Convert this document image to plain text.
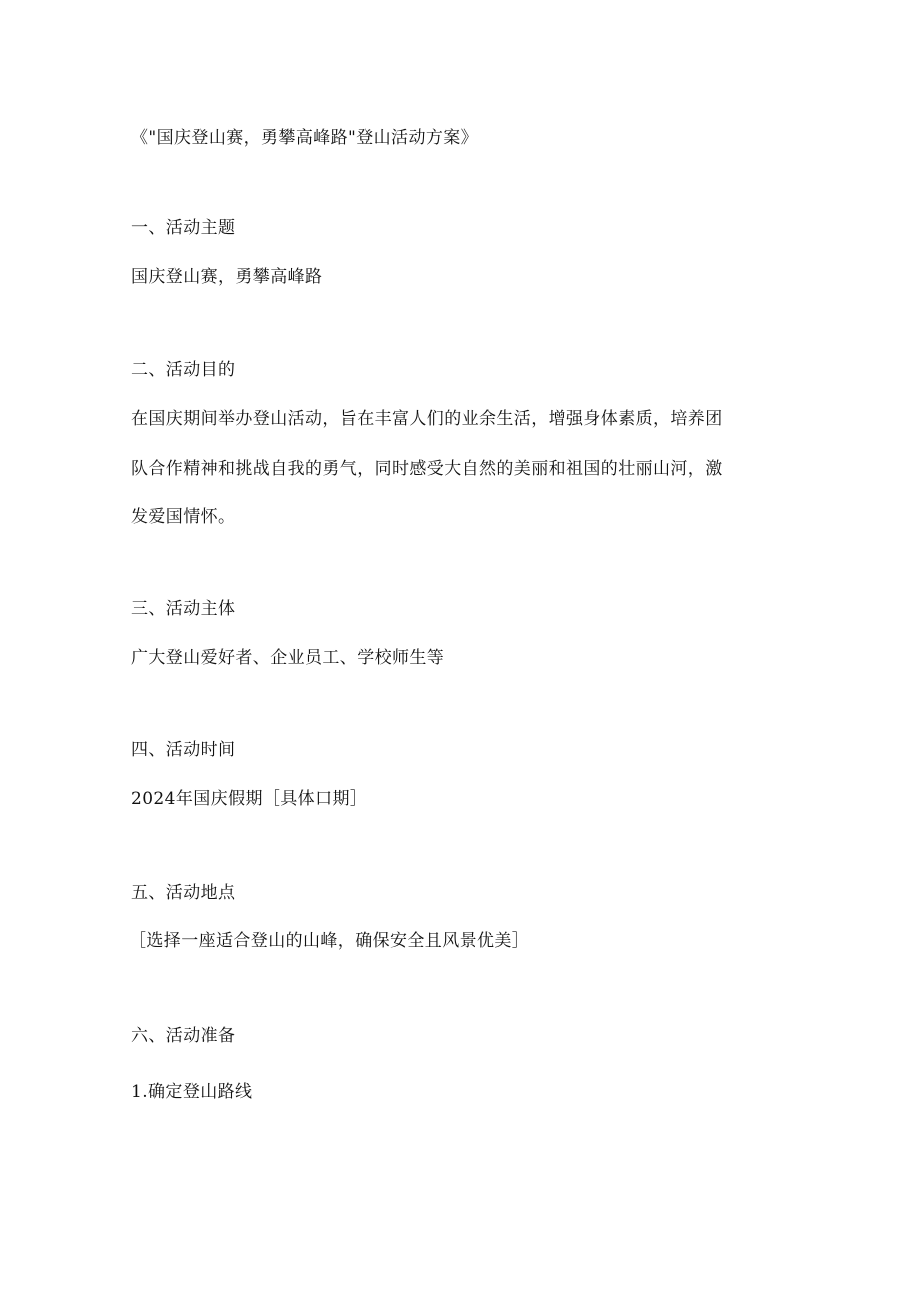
《"国庆登山赛，勇攀高峰路"登山活动方案》
一、活动主题
国庆登山赛，勇攀高峰路
二、活动目的
在国庆期间举办登山活动，旨在丰富人们的业余生活，增强身体素质，培养团
队合作精神和挑战自我的勇气，同时感受大自然的美丽和祖国的壮丽山河，激
发爱国情怀。
三、活动主体
广大登山爱好者、企业员工、学校师生等
四、活动时间
2024年国庆假期［具体口期］
五、活动地点
［选择一座适合登山的山峰，确保安全且风景优美］
六、活动准备
1.确定登山路线
